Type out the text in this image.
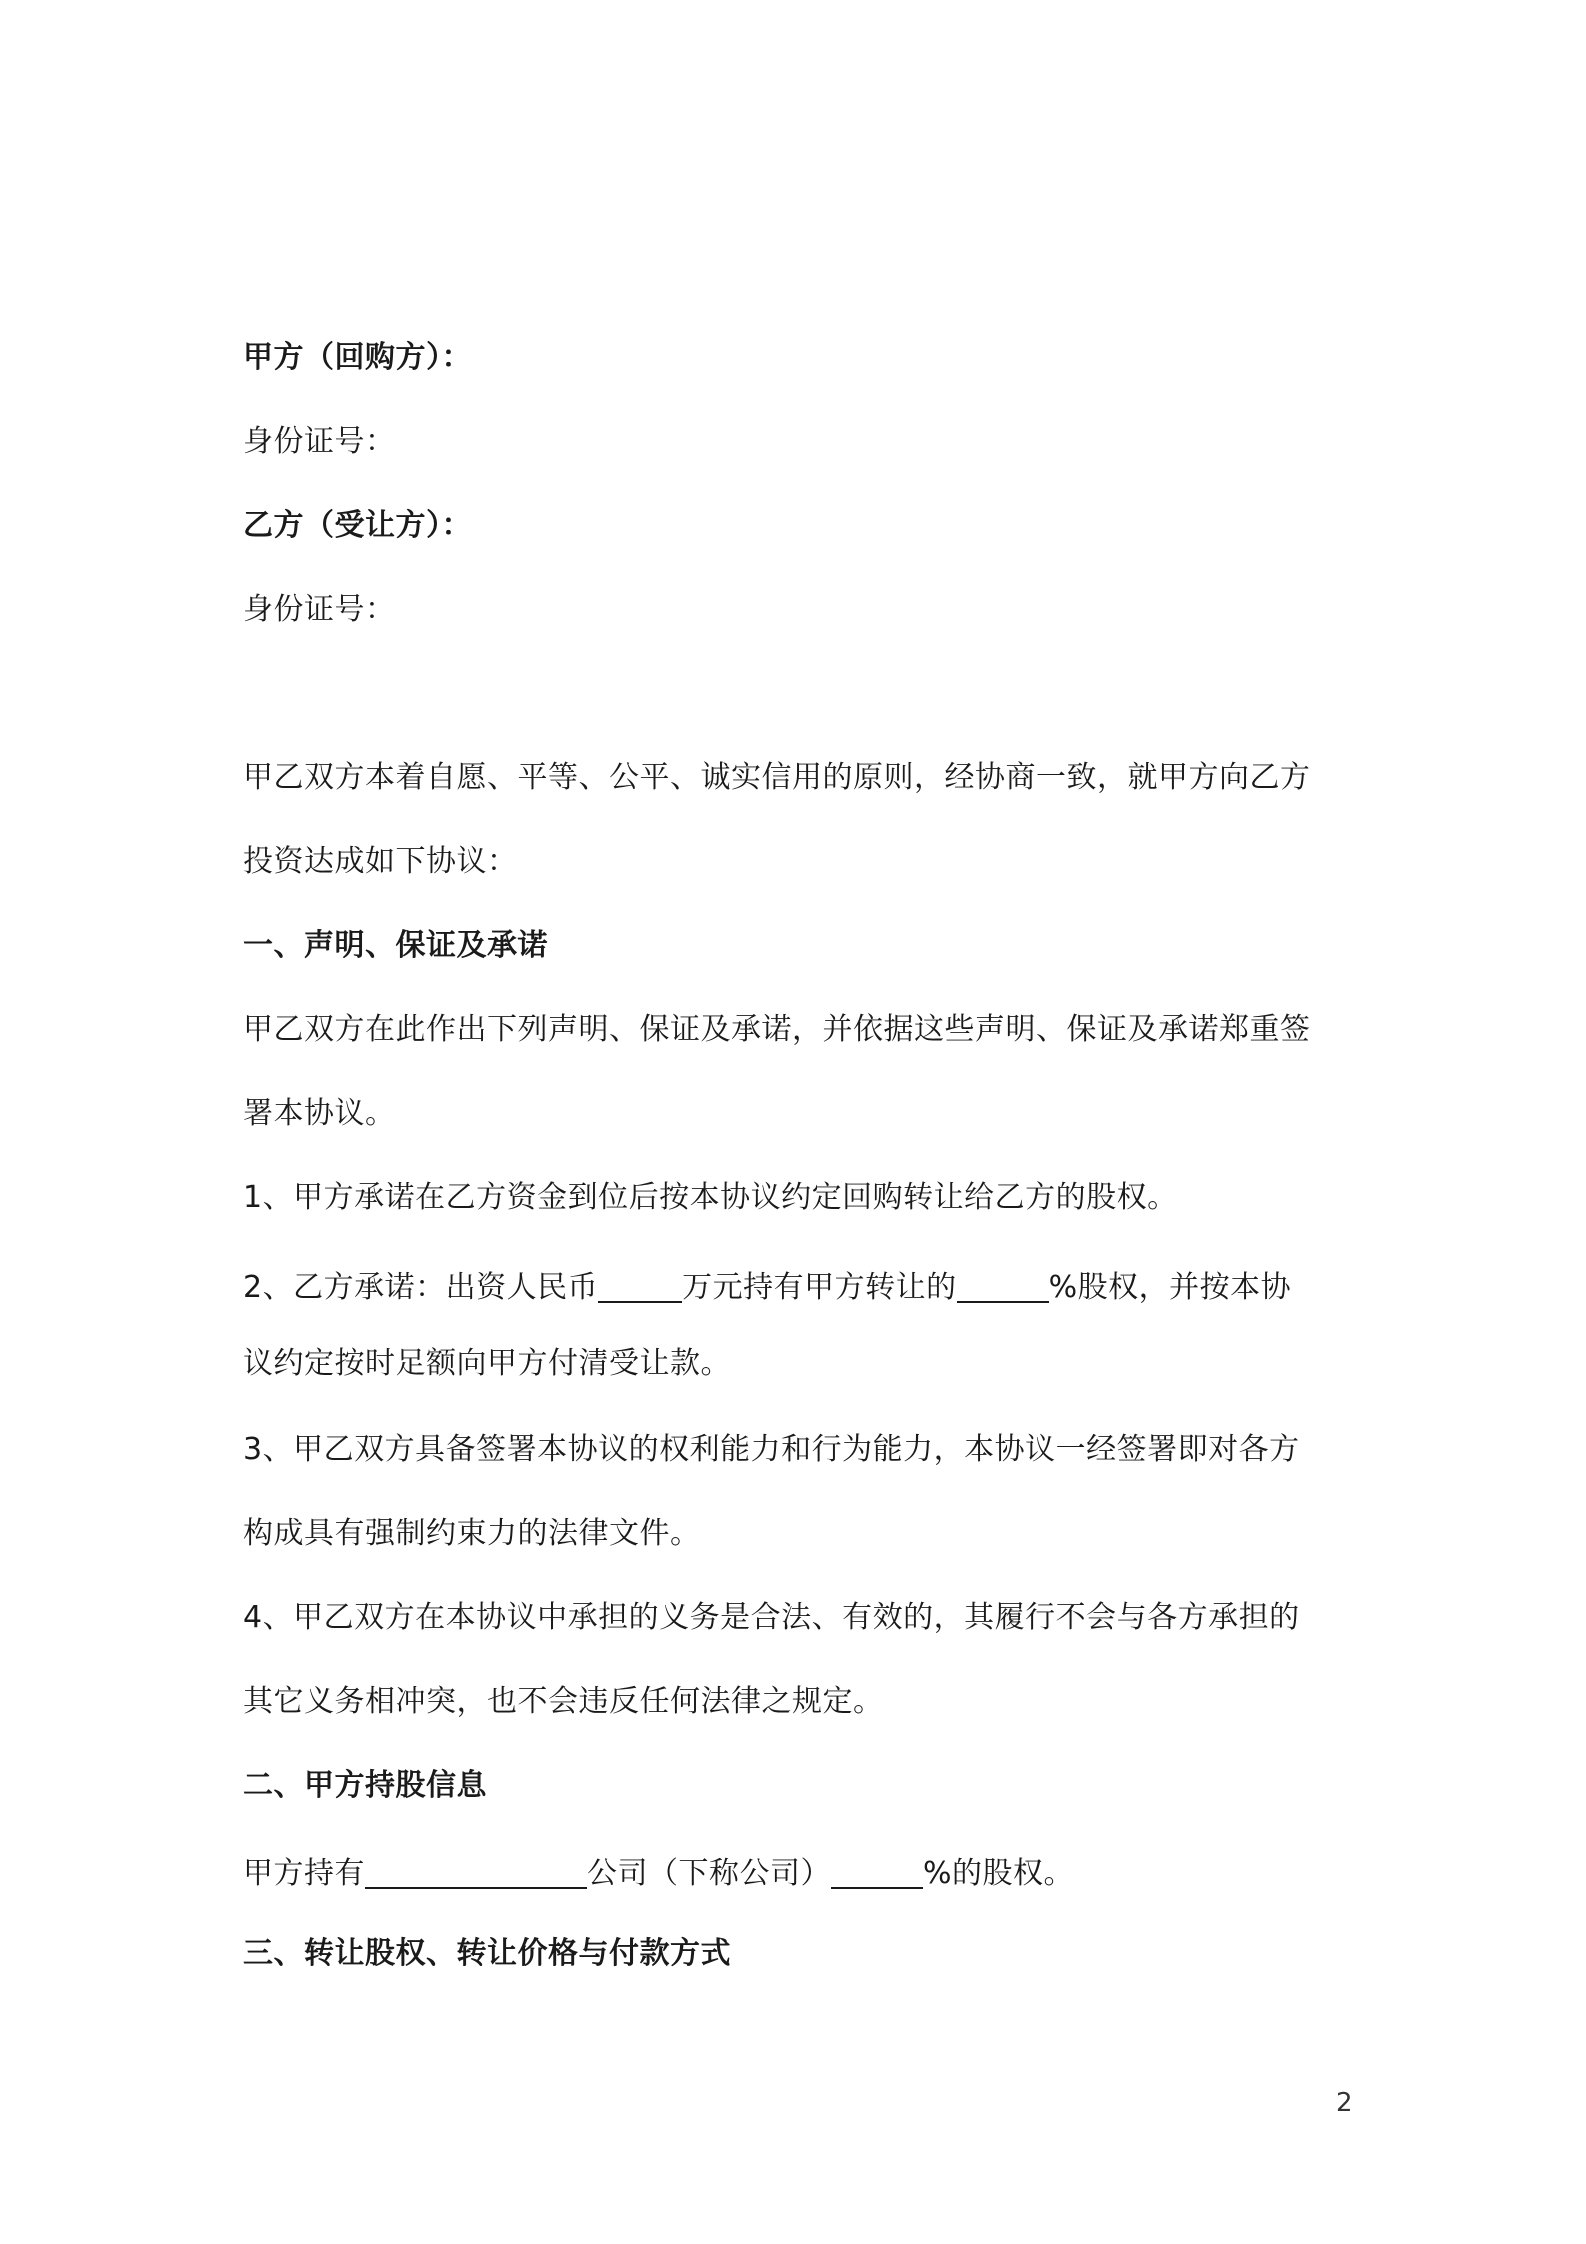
甲方（回购方）：
身份证号：
乙方（受让方）：
身份证号：
甲乙双方本着自愿、平等、公平、诚实信用的原则，经协商一致，就甲方向乙方
投资达成如下协议：
一、声明、保证及承诺
甲乙双方在此作出下列声明、保证及承诺，并依据这些声明、保证及承诺郑重签
署本协议。
1、甲方承诺在乙方资金到位后按本协议约定回购转让给乙方的股权。
2、乙方承诺：出资人民币	万元持有甲方转让的	%股权，并按本协
议约定按时足额向甲方付清受让款。
3、甲乙双方具备签署本协议的权利能力和行为能力，本协议一经签署即对各方
构成具有强制约束力的法律文件。
4、甲乙双方在本协议中承担的义务是合法、有效的，其履行不会与各方承担的
其它义务相冲突，也不会违反任何法律之规定。
二、甲方持股信息
甲方持有	公司（下称公司）	%的股权。
三、转让股权、转让价格与付款方式
2
